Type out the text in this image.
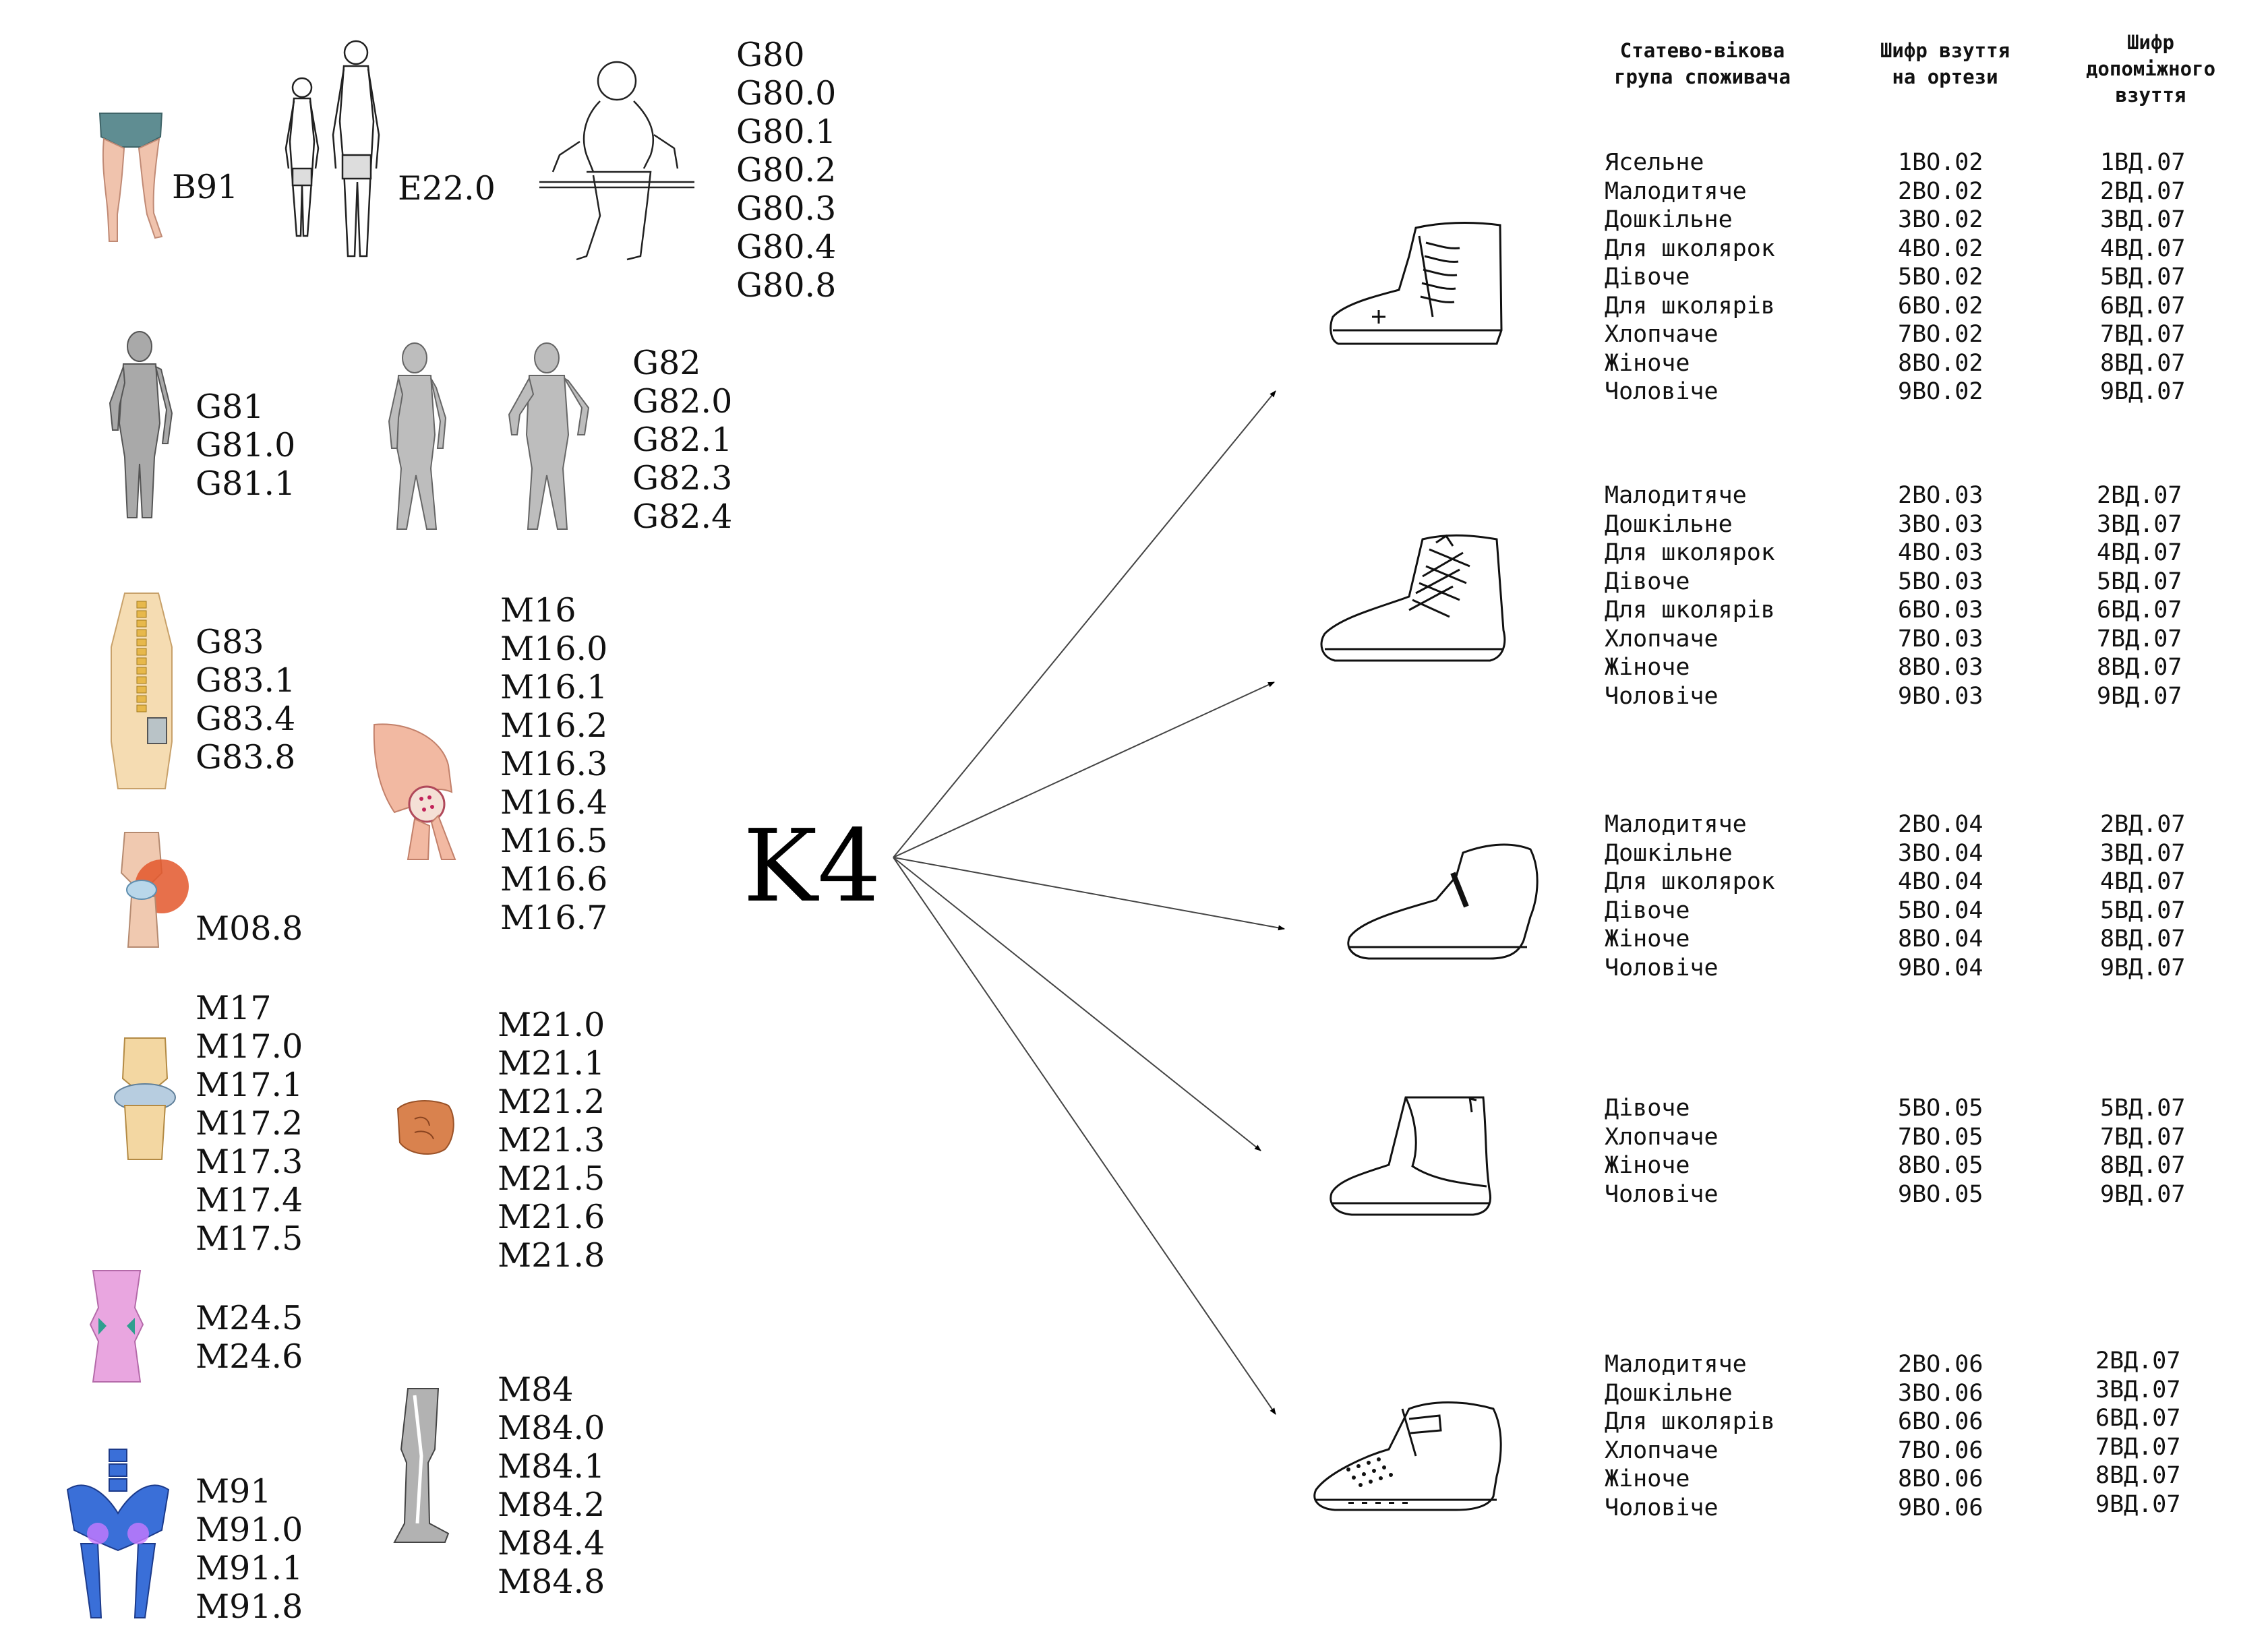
B91	E22.0
G80
G80.0
G80.1
G80.2
G80.3
G80.4
G80.8
G81
G81.0
G81.1
G82
G82.0
G82.1
G82.3
G82.4
G83
G83.1
G83.4
G83.8
M16
M16.0
M16.1
M16.2
M16.3
M16.4
M16.5
M16.6
M16.7
M08.8
M17
M17.0
M17.1
M17.2
M17.3
M17.4
M17.5
M21.0
M21.1
M21.2
M21.3
M21.5
M21.6
M21.8
M24.5
M24.6
M84
M84.0
M84.1
M84.2
M84.4
M84.8
M91
M91.0
M91.1
M91.8
K4
Статево-вікова
група споживача
Шифр взуття
на ортези
Шифр
допоміжного
взуття
Ясельне
Малодитяче
Дошкільне
Для школярок
Дівоче
Для школярів
Хлопчаче
Жіноче
Чоловіче
1ВО.02
2ВО.02
3ВО.02
4ВО.02
5ВО.02
6ВО.02
7ВО.02
8ВО.02
9ВО.02
1ВД.07
2ВД.07
3ВД.07
4ВД.07
5ВД.07
6ВД.07
7ВД.07
8ВД.07
9ВД.07
Малодитяче
Дошкільне
Для школярок
Дівоче
Для школярів
Хлопчаче
Жіноче
Чоловіче
2ВО.03
3ВО.03
4ВО.03
5ВО.03
6ВО.03
7ВО.03
8ВО.03
9ВО.03
2ВД.07
3ВД.07
4ВД.07
5ВД.07
6ВД.07
7ВД.07
8ВД.07
9ВД.07
Малодитяче
Дошкільне
Для школярок
Дівоче
Жіноче
Чоловіче
2ВО.04
3ВО.04
4ВО.04
5ВО.04
8ВО.04
9ВО.04
2ВД.07
3ВД.07
4ВД.07
5ВД.07
8ВД.07
9ВД.07
Дівоче
Хлопчаче
Жіноче
Чоловіче
5ВО.05
7ВО.05
8ВО.05
9ВО.05
5ВД.07
7ВД.07
8ВД.07
9ВД.07
Малодитяче
Дошкільне
Для школярів
Хлопчаче
Жіноче
Чоловіче
2ВО.06
3ВО.06
6ВО.06
7ВО.06
8ВО.06
9ВО.06
2ВД.07
3ВД.07
6ВД.07
7ВД.07
8ВД.07
9ВД.07
